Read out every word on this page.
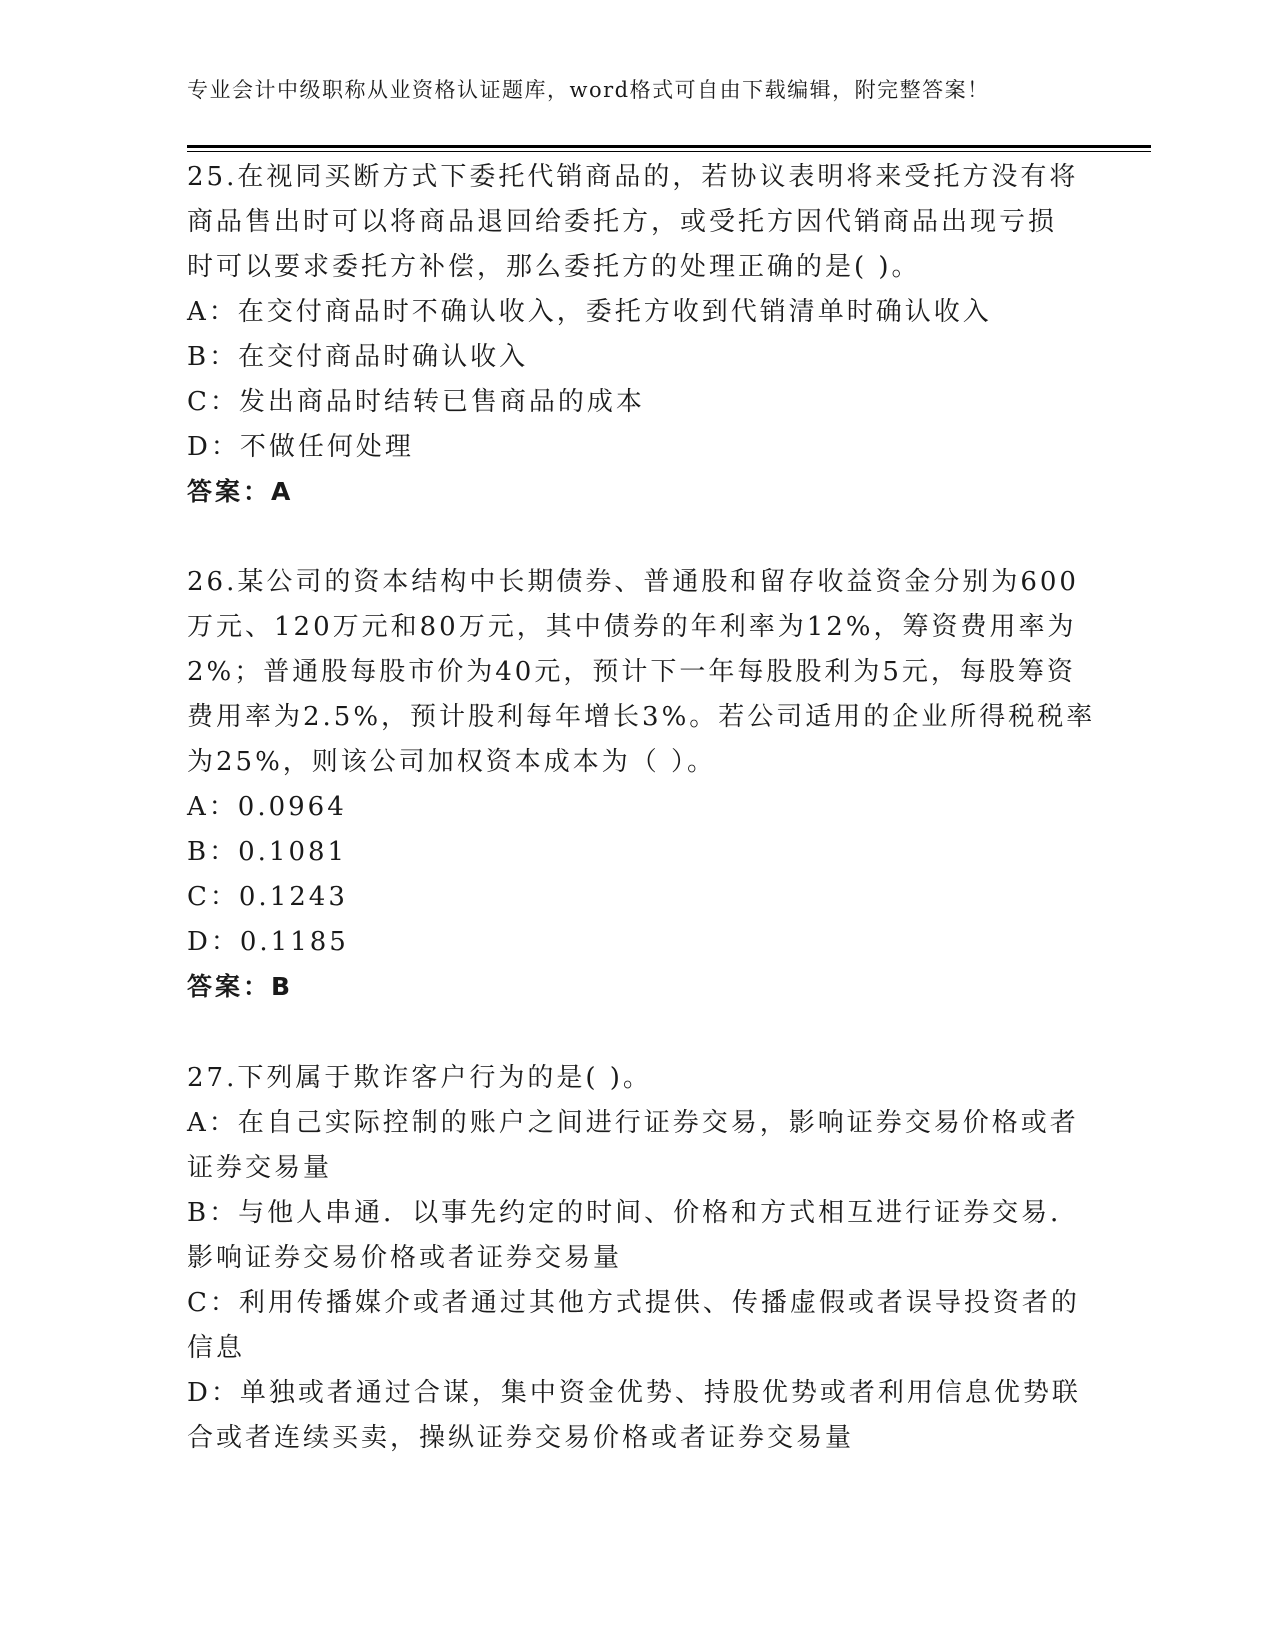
专业会计中级职称从业资格认证题库，word格式可自由下载编辑，附完整答案！
25.在视同买断方式下委托代销商品的，若协议表明将来受托方没有将
商品售出时可以将商品退回给委托方，或受托方因代销商品出现亏损
时可以要求委托方补偿，那么委托方的处理正确的是( )。
A：在交付商品时不确认收入，委托方收到代销清单时确认收入
B：在交付商品时确认收入
C：发出商品时结转已售商品的成本
D：不做任何处理
答案：A
26.某公司的资本结构中长期债券、普通股和留存收益资金分别为600
万元、120万元和80万元，其中债券的年利率为12%，筹资费用率为
2%；普通股每股市价为40元，预计下一年每股股利为5元，每股筹资
费用率为2.5%，预计股利每年增长3%。若公司适用的企业所得税税率
为25%，则该公司加权资本成本为（ ）。
A：0.0964
B：0.1081
C：0.1243
D：0.1185
答案：B
27.下列属于欺诈客户行为的是( )。
A：在自己实际控制的账户之间进行证券交易，影响证券交易价格或者
证券交易量
B：与他人串通．以事先约定的时间、价格和方式相互进行证券交易．
影响证券交易价格或者证券交易量
C：利用传播媒介或者通过其他方式提供、传播虚假或者误导投资者的
信息
D：单独或者通过合谋，集中资金优势、持股优势或者利用信息优势联
合或者连续买卖，操纵证券交易价格或者证券交易量
